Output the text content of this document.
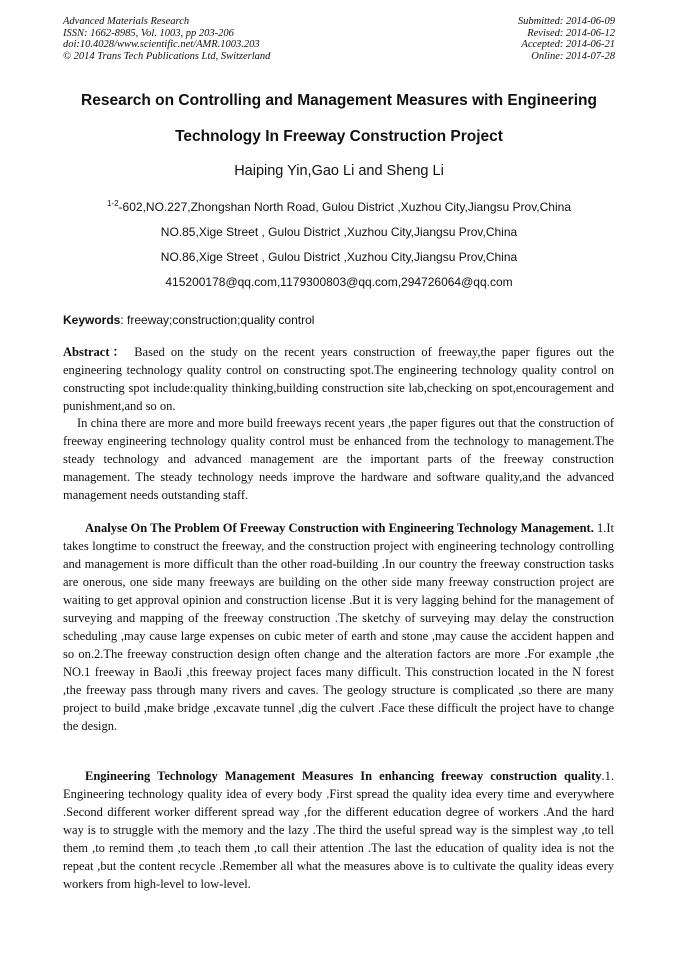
Advanced Materials Research
ISSN: 1662-8985, Vol. 1003, pp 203-206
doi:10.4028/www.scientific.net/AMR.1003.203
© 2014 Trans Tech Publications Ltd, Switzerland
Submitted: 2014-06-09
Revised: 2014-06-12
Accepted: 2014-06-21
Online: 2014-07-28
Research on Controlling and Management Measures with Engineering
Technology In Freeway Construction Project
Haiping Yin,Gao Li and Sheng Li
$^{1-2}$-602,NO.227,Zhongshan North Road, Gulou District ,Xuzhou City,Jiangsu Prov,China
NO.85,Xige Street , Gulou District ,Xuzhou City,Jiangsu Prov,China
NO.86,Xige Street , Gulou District ,Xuzhou City,Jiangsu Prov,China
415200178@qq.com,1179300803@qq.com,294726064@qq.com
Keywords: freeway;construction;quality control

Abstract： Based on the study on the recent years construction of freeway,the paper figures out the engineering technology quality control on constructing spot.The engineering technology quality control on constructing spot include:quality thinking,building construction site lab,checking on spot,encouragement and punishment,and so on.

In china there are more and more build freeways recent years ,the paper figures out that the construction of freeway engineering technology quality control must be enhanced from the technology to management.The steady technology and advanced management are the important parts of the freeway construction management. The steady technology needs improve the hardware and software quality,and the advanced management needs outstanding staff.

Analyse On The Problem Of Freeway Construction with Engineering Technology Management. 1.It takes longtime to construct the freeway, and the construction project with engineering technology controlling and management is more difficult than the other road-building .In our country the freeway construction tasks are onerous, one side many freeways are building on the other side many freeway construction project are waiting to get approval opinion and construction license .But it is very lagging behind for the management of surveying and mapping of the freeway construction .The sketchy of surveying may delay the construction scheduling ,may cause large expenses on cubic meter of earth and stone ,may cause the accident happen and so on.2.The freeway construction design often change and the alteration factors are more .For example ,the NO.1 freeway in BaoJi ,this freeway project faces many difficult. This construction located in the N forest ,the freeway pass through many rivers and caves. The geology structure is complicated ,so there are many project to build ,make bridge ,excavate tunnel ,dig the culvert .Face these difficult the project have to change the design.

Engineering Technology Management Measures In enhancing freeway construction quality.1. Engineering technology quality idea of every body .First spread the quality idea every time and everywhere .Second different worker different spread way ,for the different education degree of workers .And the hard way is to struggle with the memory and the lazy .The third the useful spread way is the simplest way ,to tell them ,to remind them ,to teach them ,to call their attention .The last the education of quality idea is not the repeat ,but the content recycle .Remember all what the measures above is to cultivate the quality ideas every workers from high-level to low-level.
